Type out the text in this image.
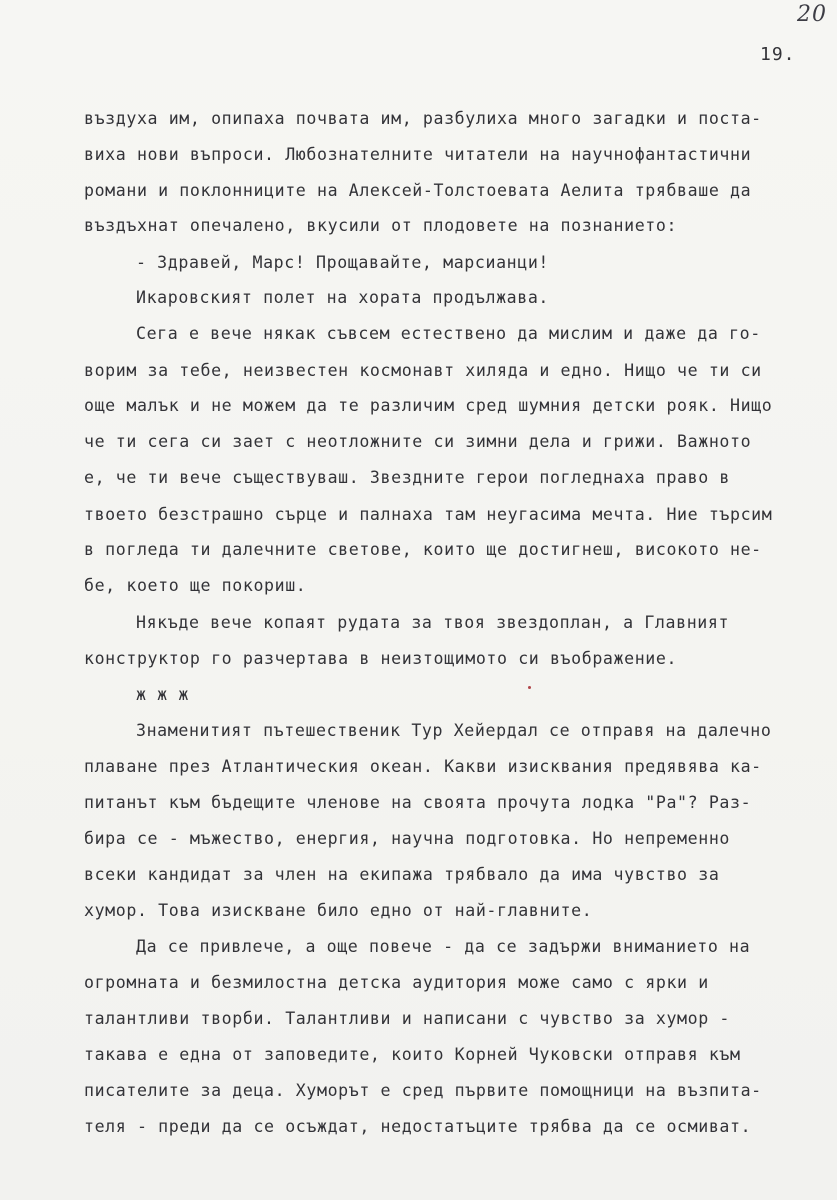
20
19.
въздуха им, опипаха почвата им, разбулиха много загадки и поста-
виха нови въпроси. Любознателните читатели на научнофантастични
романи и поклонниците на Алексей-Толстоевата Аелита трябваше да
въздъхнат опечалено, вкусили от плодовете на познанието:
- Здравей, Марс! Прощавайте, марсианци!
Икаровският полет на хората продължава.
Сега е вече някак съвсем естествено да мислим и даже да го-
ворим за тебе, неизвестен космонавт хиляда и едно. Нищо че ти си
още малък и не можем да те различим сред шумния детски рояк. Нищо
че ти сега си зает с неотложните си зимни дела и грижи. Важното
е, че ти вече съществуваш. Звездните герои погледнаха право в
твоето безстрашно сърце и палнаха там неугасима мечта. Ние търсим
в погледа ти далечните светове, които ще достигнеш, високото не-
бе, което ще покориш.
Някъде вече копаят рудата за твоя звездоплан, а Главният
конструктор го разчертава в неизтощимото си въображение.
ж ж ж
Знаменитият пътешественик Тур Хейердал се отправя на далечно
плаване през Атлантическия океан. Какви изисквания предявява ка-
питанът към бъдещите членове на своята прочута лодка "Ра"? Раз-
бира се - мъжество, енергия, научна подготовка. Но непременно
всеки кандидат за член на екипажа трябвало да има чувство за
хумор. Това изискване било едно от най-главните.
Да се привлече, а още повече - да се задържи вниманието на
огромната и безмилостна детска аудитория може само с ярки и
талантливи творби. Талантливи и написани с чувство за хумор -
такава е една от заповедите, които Корней Чуковски отправя към
писателите за деца. Хуморът е сред първите помощници на възпита-
теля - преди да се осъждат, недостатъците трябва да се осмиват.
